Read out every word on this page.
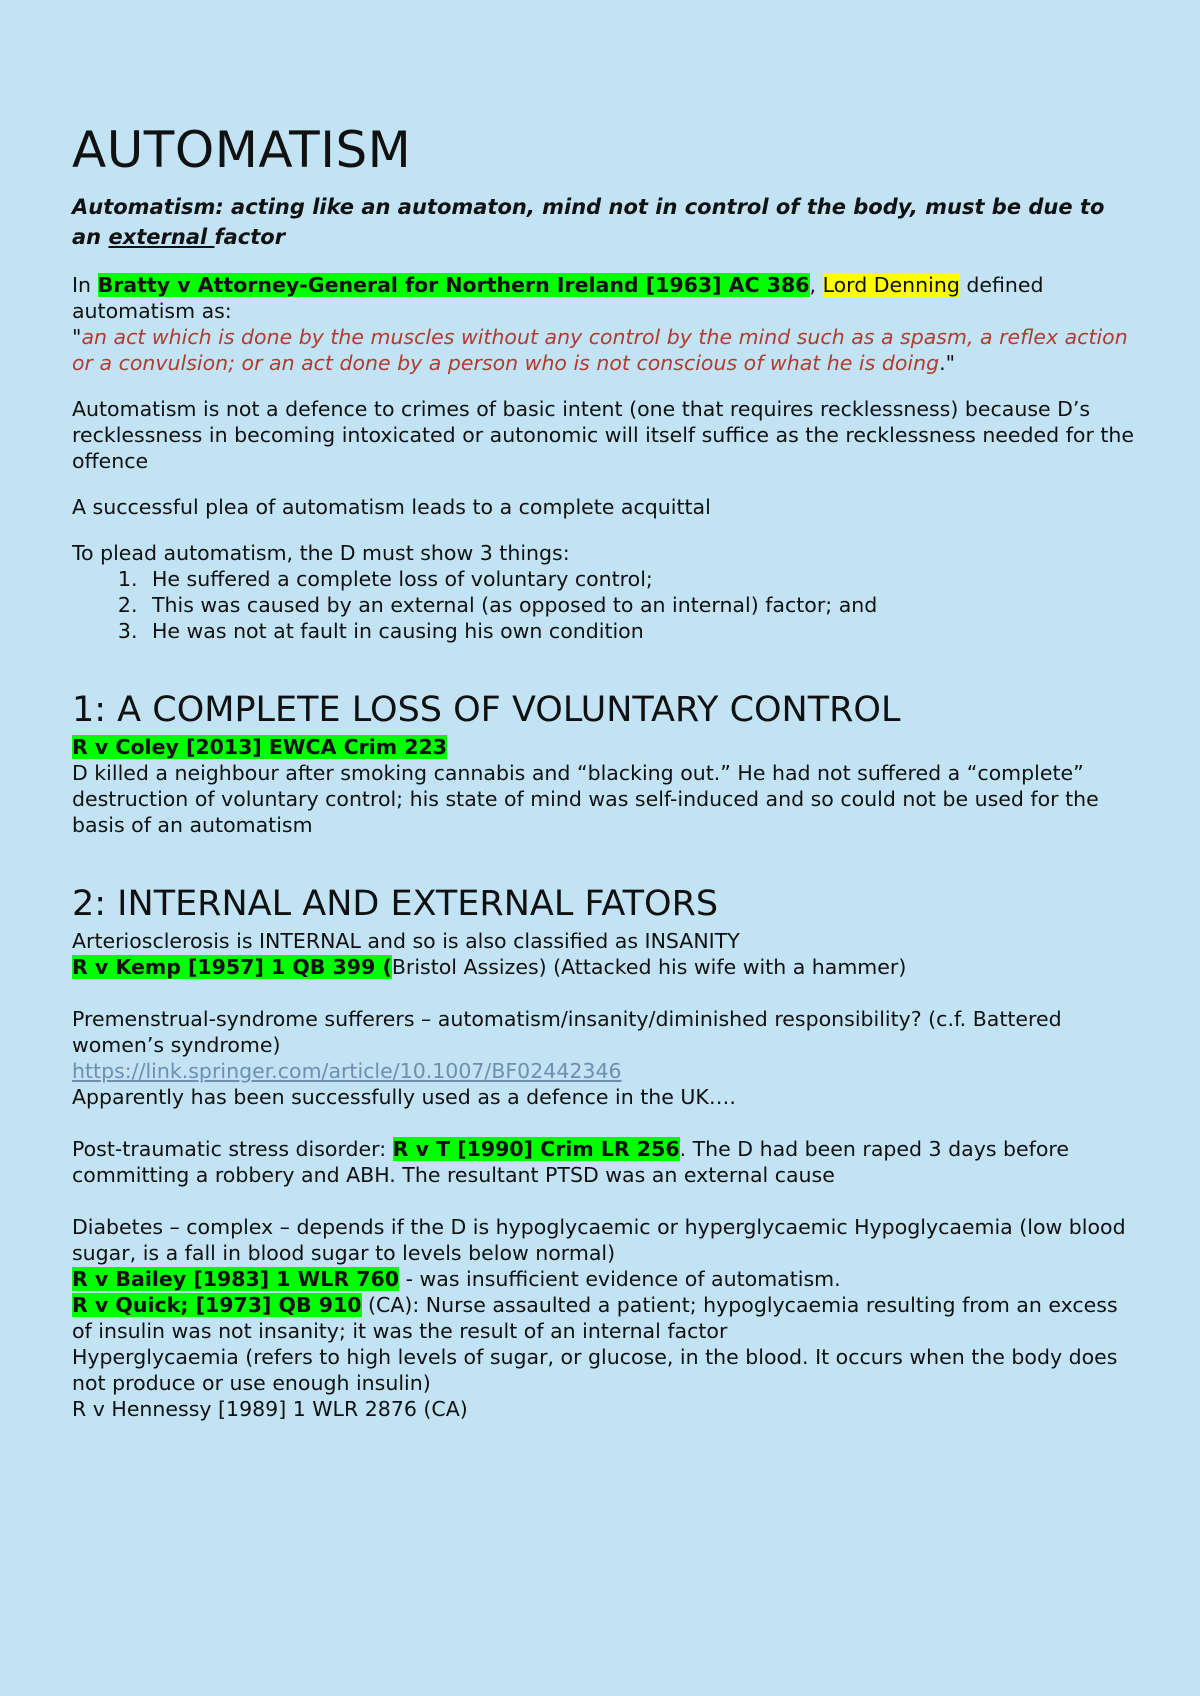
AUTOMATISM

Automatism: acting like an automaton, mind not in control of the body, must be due to an external factor

In Bratty v Attorney-General for Northern Ireland [1963] AC 386, Lord Denning defined automatism as:
"an act which is done by the muscles without any control by the mind such as a spasm, a reflex action or a convulsion; or an act done by a person who is not conscious of what he is doing."

Automatism is not a defence to crimes of basic intent (one that requires recklessness) because D’s recklessness in becoming intoxicated or autonomic will itself suffice as the recklessness needed for the offence

A successful plea of automatism leads to a complete acquittal

To plead automatism, the D must show 3 things:

1. He suffered a complete loss of voluntary control;
2. This was caused by an external (as opposed to an internal) factor; and
3. He was not at fault in causing his own condition
1: A COMPLETE LOSS OF VOLUNTARY CONTROL

R v Coley [2013] EWCA Crim 223

D killed a neighbour after smoking cannabis and “blacking out.” He had not suffered a “complete” destruction of voluntary control; his state of mind was self-induced and so could not be used for the basis of an automatism

2: INTERNAL AND EXTERNAL FATORS

Arteriosclerosis is INTERNAL and so is also classified as INSANITY

R v Kemp [1957] 1 QB 399 (Bristol Assizes) (Attacked his wife with a hammer)

Premenstrual-syndrome sufferers – automatism/insanity/diminished responsibility? (c.f. Battered women’s syndrome)

https://link.springer.com/article/10.1007/BF02442346

Apparently has been successfully used as a defence in the UK….

Post-traumatic stress disorder: R v T [1990] Crim LR 256. The D had been raped 3 days before committing a robbery and ABH. The resultant PTSD was an external cause

Diabetes – complex – depends if the D is hypoglycaemic or hyperglycaemic Hypoglycaemia (low blood sugar, is a fall in blood sugar to levels below normal)

R v Bailey [1983] 1 WLR 760 - was insufficient evidence of automatism.

R v Quick; [1973] QB 910 (CA): Nurse assaulted a patient; hypoglycaemia resulting from an excess of insulin was not insanity; it was the result of an internal factor

Hyperglycaemia (refers to high levels of sugar, or glucose, in the blood. It occurs when the body does not produce or use enough insulin)

R v Hennessy [1989] 1 WLR 2876 (CA)
